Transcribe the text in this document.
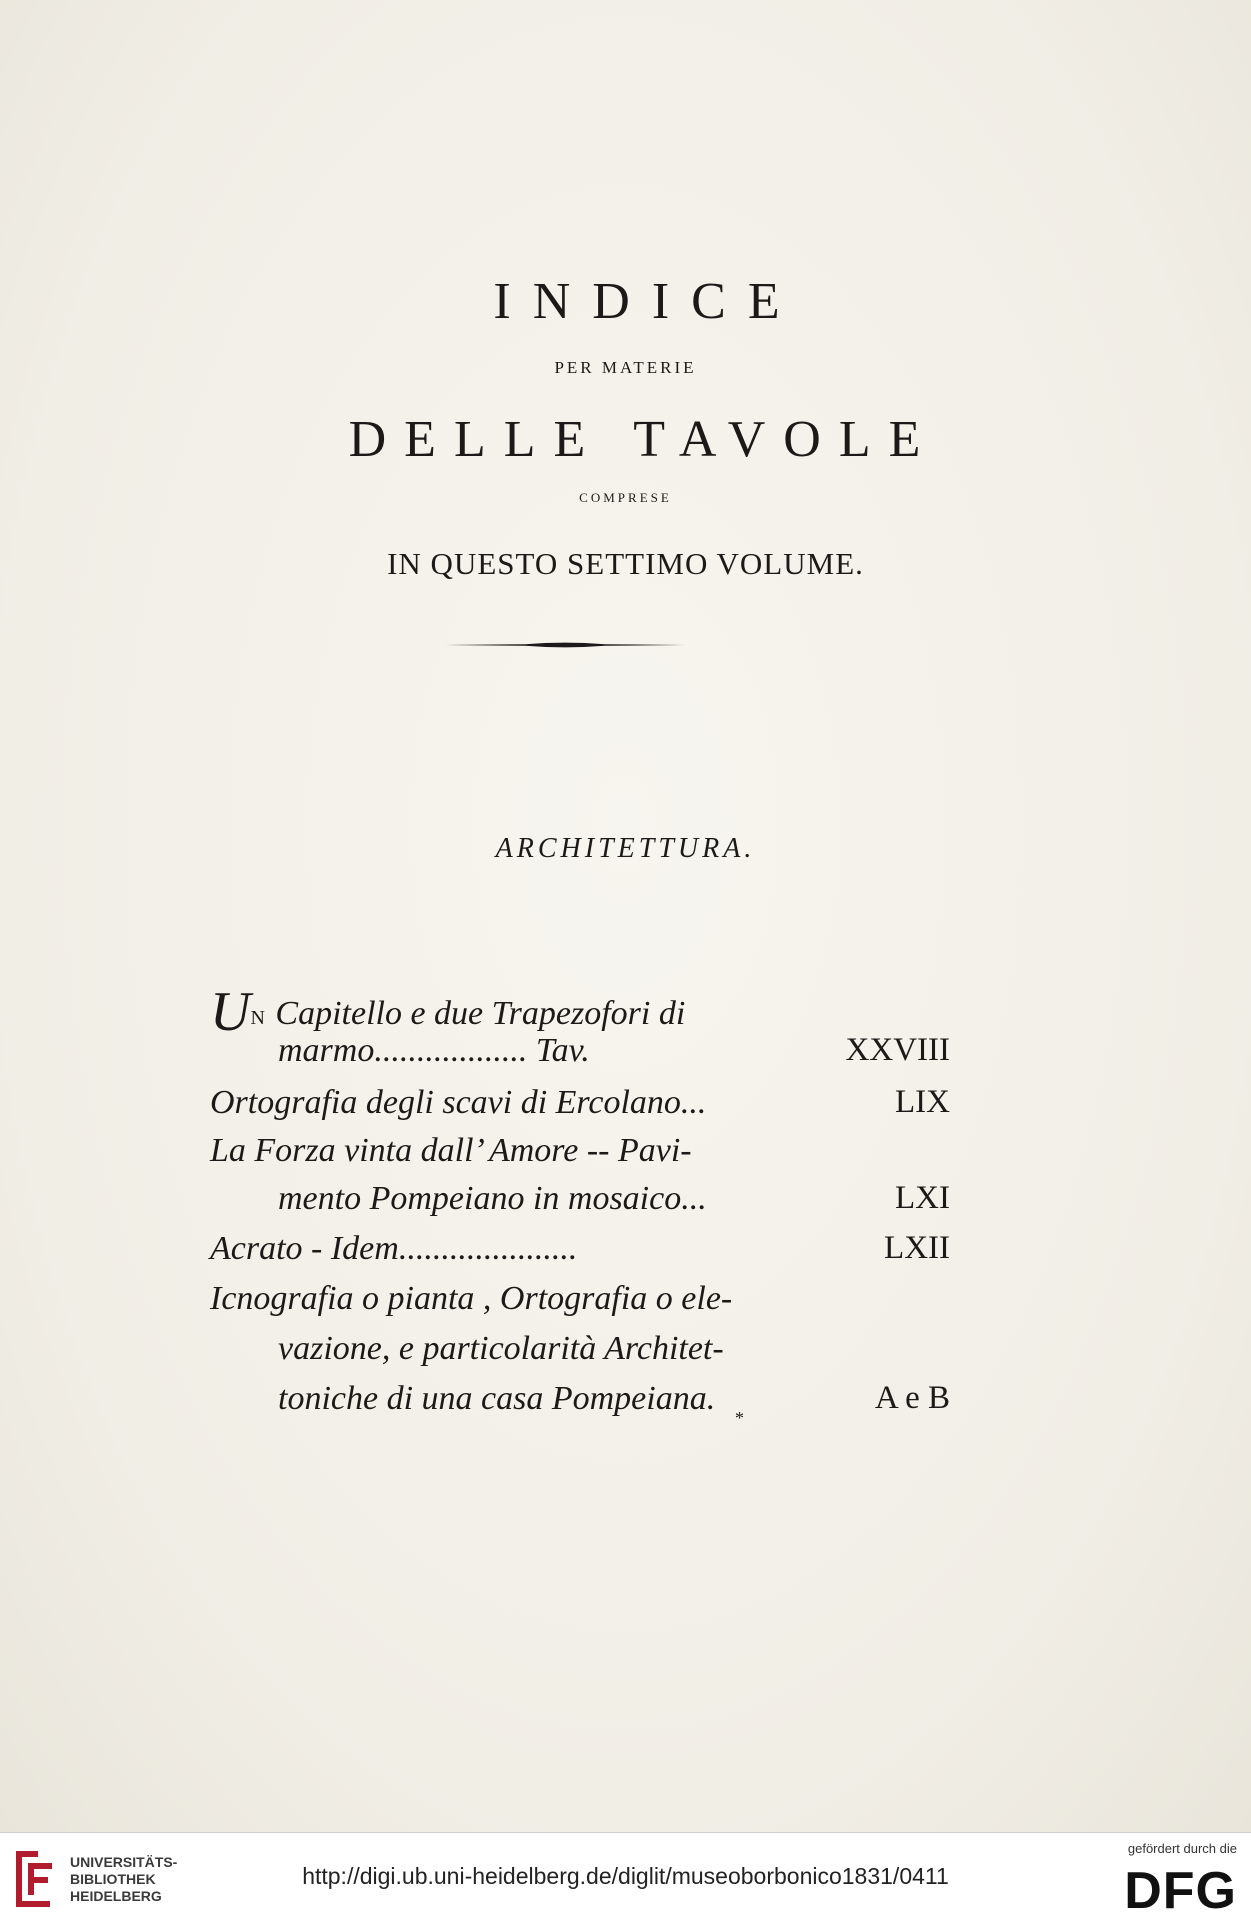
INDICE
PER MATERIE
DELLE TAVOLE
COMPRESE
IN QUESTO SETTIMO VOLUME.
ARCHITETTURA.
UN Capitello e due Trapezofori di
marmo.................. Tav.	XXVIII
Ortografia degli scavi di Ercolano...	LIX
La Forza vinta dall’ Amore -- Pavi-
mento Pompeiano in mosaico...	LXI
Acrato - Idem.....................	LXII
Icnografia o pianta , Ortografia o ele-
vazione, e particolarità Architet-
toniche di una casa Pompeiana.	A e B
*
UNIVERSITÄTS-
BIBLIOTHEK
HEIDELBERG
http://digi.ub.uni-heidelberg.de/diglit/museoborbonico1831/0411
gefördert durch die
DFG
